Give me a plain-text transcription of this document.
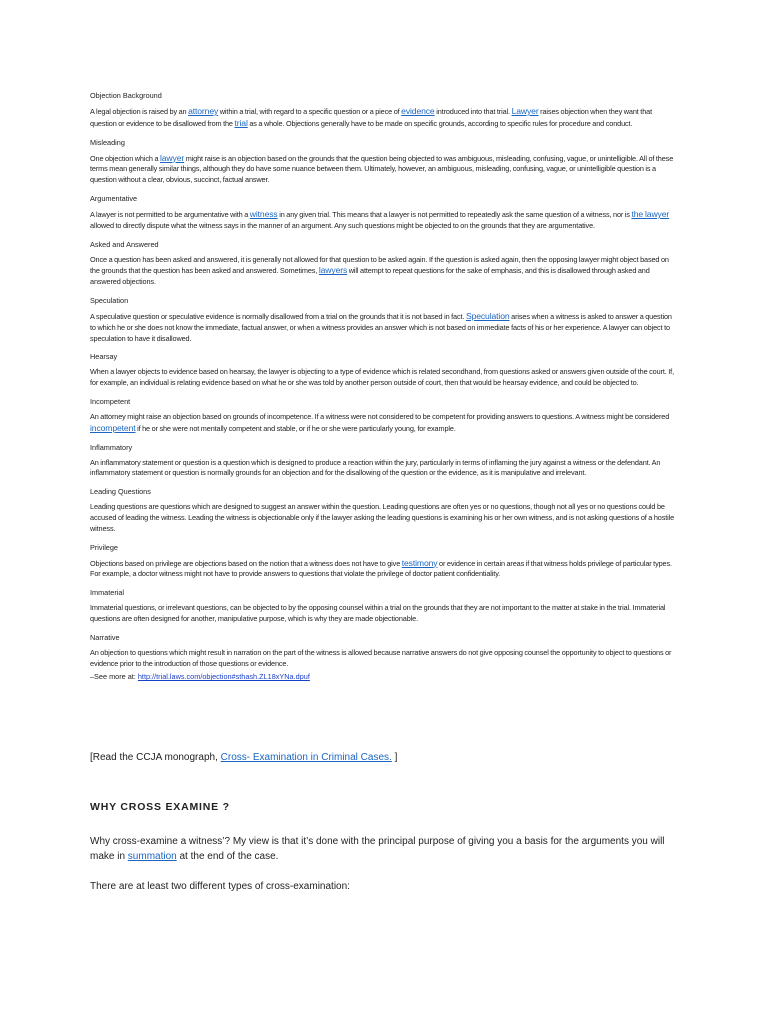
Objection Background

A legal objection is raised by an attorney within a trial, with regard to a specific question or a piece of evidence introduced into that trial. Lawyer raises objection when they want that question or evidence to be disallowed from the trial as a whole. Objections generally have to be made on specific grounds, according to specific rules for procedure and conduct.

Misleading

One objection which a lawyer might raise is an objection based on the grounds that the question being objected to was ambiguous, misleading, confusing, vague, or unintelligible. All of these terms mean generally similar things, although they do have some nuance between them. Ultimately, however, an ambiguous, misleading, confusing, vague, or unintelligible question is a question without a clear, obvious, succinct, factual answer.

Argumentative

A lawyer is not permitted to be argumentative with a witness in any given trial. This means that a lawyer is not permitted to repeatedly ask the same question of a witness, nor is the lawyer allowed to directly dispute what the witness says in the manner of an argument. Any such questions might be objected to on the grounds that they are argumentative.

Asked and Answered

Once a question has been asked and answered, it is generally not allowed for that question to be asked again. If the question is asked again, then the opposing lawyer might object based on the grounds that the question has been asked and answered. Sometimes, lawyers will attempt to repeat questions for the sake of emphasis, and this is disallowed through asked and answered objections.

Speculation

A speculative question or speculative evidence is normally disallowed from a trial on the grounds that it is not based in fact. Speculation arises when a witness is asked to answer a question to which he or she does not know the immediate, factual answer, or when a witness provides an answer which is not based on immediate facts of his or her experience. A lawyer can object to speculation to have it disallowed.

Hearsay

When a lawyer objects to evidence based on hearsay, the lawyer is objecting to a type of evidence which is related secondhand, from questions asked or answers given outside of the court. If, for example, an individual is relating evidence based on what he or she was told by another person outside of court, then that would be hearsay evidence, and could be objected to.

Incompetent

An attorney might raise an objection based on grounds of incompetence. If a witness were not considered to be competent for providing answers to questions. A witness might be considered incompetent if he or she were not mentally competent and stable, or if he or she were particularly young, for example.

Inflammatory

An inflammatory statement or question is a question which is designed to produce a reaction within the jury, particularly in terms of inflaming the jury against a witness or the defendant. An inflammatory statement or question is normally grounds for an objection and for the disallowing of the question or the evidence, as it is manipulative and irrelevant.

Leading Questions

Leading questions are questions which are designed to suggest an answer within the question. Leading questions are often yes or no questions, though not all yes or no questions could be accused of leading the witness. Leading the witness is objectionable only if the lawyer asking the leading questions is examining his or her own witness, and is not asking questions of a hostile witness.

Privilege

Objections based on privilege are objections based on the notion that a witness does not have to give testimony or evidence in certain areas if that witness holds privilege of particular types. For example, a doctor witness might not have to provide answers to questions that violate the privilege of doctor patient confidentiality.

Immaterial

Immaterial questions, or irrelevant questions, can be objected to by the opposing counsel within a trial on the grounds that they are not important to the matter at stake in the trial. Immaterial questions are often designed for another, manipulative purpose, which is why they are made objectionable.

Narrative

An objection to questions which might result in narration on the part of the witness is allowed because narrative answers do not give opposing counsel the opportunity to object to questions or evidence prior to the introduction of those questions or evidence.

–See more at: http://trial.laws.com/objection#sthash.ZL18xYNa.dpuf

[Read the CCJA monograph, Cross- Examination in Criminal Cases. ]
WHY CROSS EXAMINE ?
Why cross-examine a witness’? My view is that it’s done with the principal purpose of giving you a basis for the arguments you will make in summation at the end of the case.
There are at least two different types of cross-examination:
